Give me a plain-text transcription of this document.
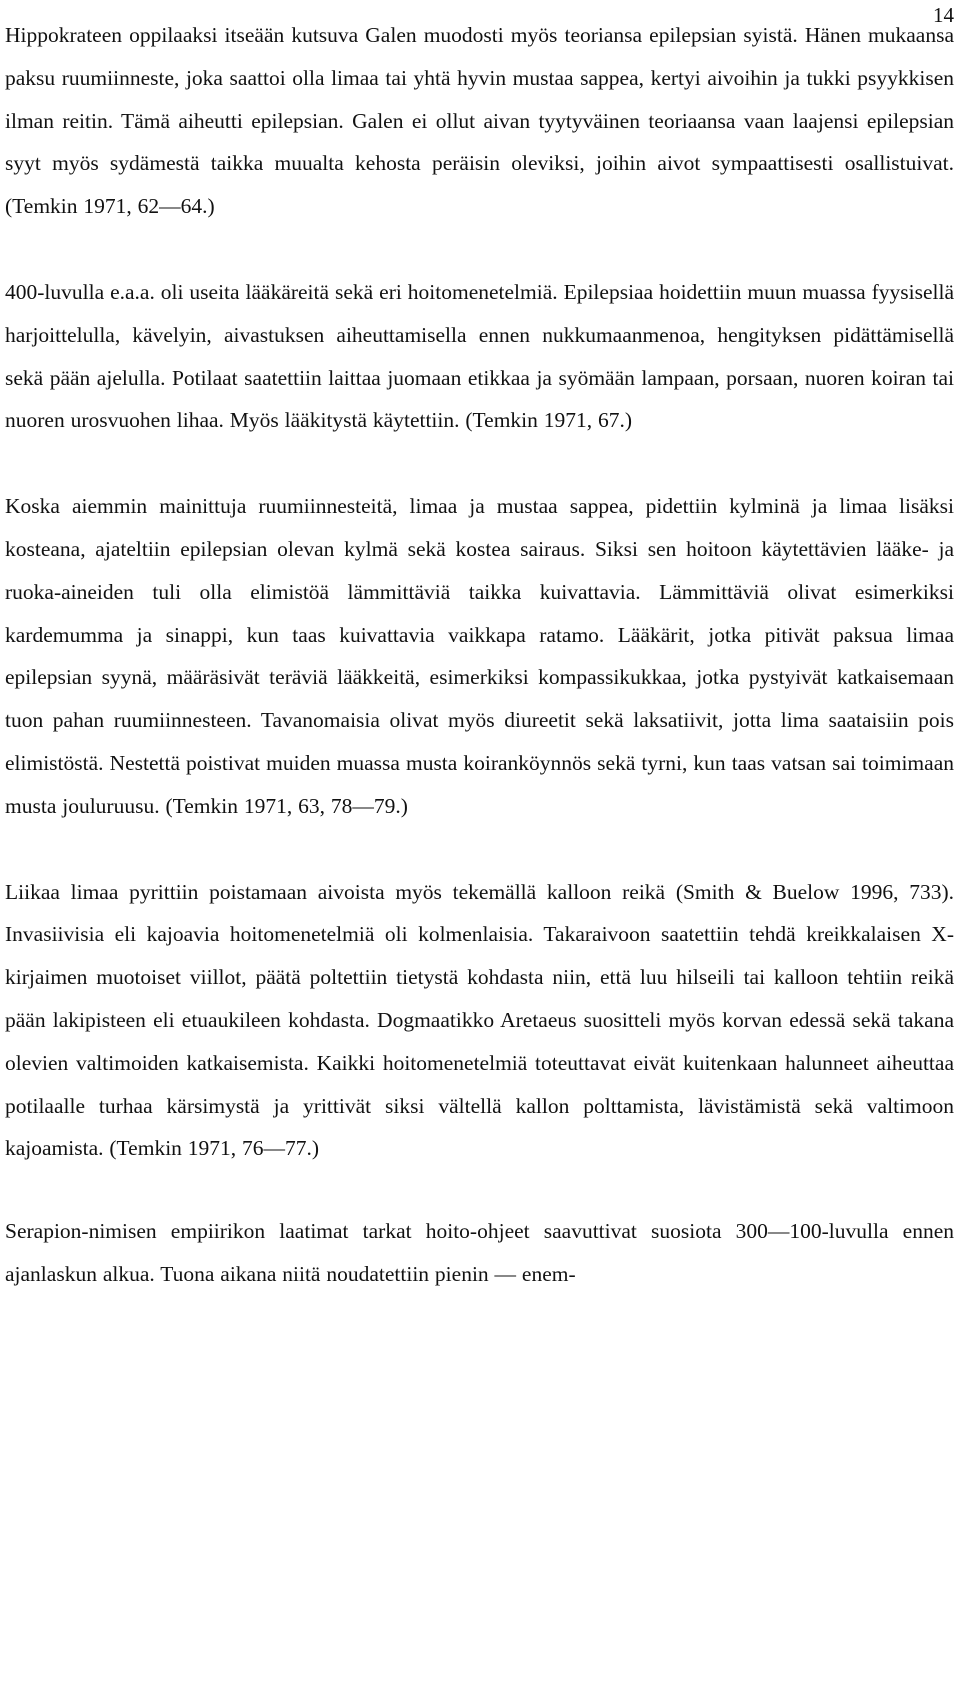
14

Hippokrateen oppilaaksi itseään kutsuva Galen muodosti myös teoriansa epilepsian syistä. Hänen mukaansa paksu ruumiinneste, joka saattoi olla limaa tai yhtä hyvin mustaa sappea, kertyi aivoihin ja tukki psyykkisen ilman reitin. Tämä aiheutti epilepsian. Galen ei ollut aivan tyytyväinen teoriaansa vaan laajensi epilepsian syyt myös sydämestä taikka muualta kehosta peräisin oleviksi, joihin aivot sympaattisesti osallistuivat. (Temkin 1971, 62—64.)

400-luvulla e.a.a. oli useita lääkäreitä sekä eri hoitomenetelmiä. Epilepsiaa hoidettiin muun muassa fyysisellä harjoittelulla, kävelyin, aivastuksen aiheuttamisella ennen nukkumaanmenoa, hengityksen pidättämisellä sekä pään ajelulla. Potilaat saatettiin laittaa juomaan etikkaa ja syömään lampaan, porsaan, nuoren koiran tai nuoren urosvuohen lihaa. Myös lääkitystä käytettiin. (Temkin 1971, 67.)

Koska aiemmin mainittuja ruumiinnesteitä, limaa ja mustaa sappea, pidettiin kylminä ja limaa lisäksi kosteana, ajateltiin epilepsian olevan kylmä sekä kostea sairaus. Siksi sen hoitoon käytettävien lääke- ja ruoka-aineiden tuli olla elimistöä lämmittäviä taikka kuivattavia. Lämmittäviä olivat esimerkiksi kardemumma ja sinappi, kun taas kuivattavia vaikkapa ratamo. Lääkärit, jotka pitivät paksua limaa epilepsian syynä, määräsivät teräviä lääkkeitä, esimerkiksi kompassikukkaa, jotka pystyivät katkaisemaan tuon pahan ruumiinnesteen. Tavanomaisia olivat myös diureetit sekä laksatiivit, jotta lima saataisiin pois elimistöstä. Nestettä poistivat muiden muassa musta koiranköynnös sekä tyrni, kun taas vatsan sai toimimaan musta jouluruusu. (Temkin 1971, 63, 78—79.)

Liikaa limaa pyrittiin poistamaan aivoista myös tekemällä kalloon reikä (Smith & Buelow 1996, 733). Invasiivisia eli kajoavia hoitomenetelmiä oli kolmenlaisia. Takaraivoon saatettiin tehdä kreikkalaisen X-kirjaimen muotoiset viillot, päätä poltettiin tietystä kohdasta niin, että luu hilseili tai kalloon tehtiin reikä pään lakipisteen eli etuaukileen kohdasta. Dogmaatikko Aretaeus suositteli myös korvan edessä sekä takana olevien valtimoiden katkaisemista. Kaikki hoitomenetelmiä toteuttavat eivät kuitenkaan halunneet aiheuttaa potilaalle turhaa kärsimystä ja yrittivät siksi vältellä kallon polttamista, lävistämistä sekä valtimoon kajoamista. (Temkin 1971, 76—77.)

Serapion-nimisen empiirikon laatimat tarkat hoito-ohjeet saavuttivat suosiota 300—100-luvulla ennen ajanlaskun alkua. Tuona aikana niitä noudatettiin pienin — enem-
